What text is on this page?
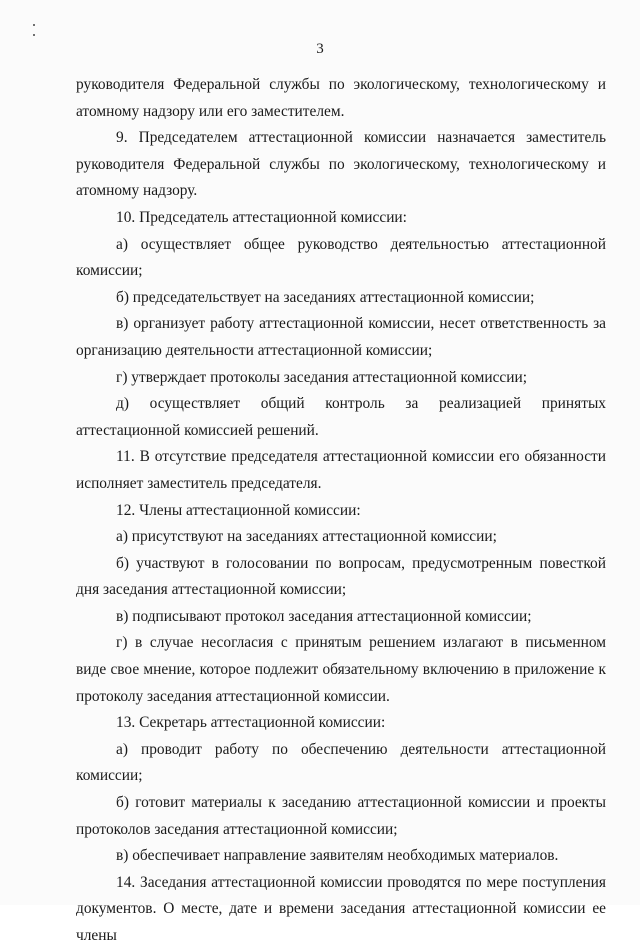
3

руководителя Федеральной службы по экологическому, технологическому и атомному надзору или его заместителем.

9. Председателем аттестационной комиссии назначается заместитель руководителя Федеральной службы по экологическому, технологическому и атомному надзору.

10. Председатель аттестационной комиссии:

а) осуществляет общее руководство деятельностью аттестационной комиссии;

б) председательствует на заседаниях аттестационной комиссии;

в) организует работу аттестационной комиссии, несет ответственность за организацию деятельности аттестационной комиссии;

г) утверждает протоколы заседания аттестационной комиссии;

д) осуществляет общий контроль за реализацией принятых аттестационной комиссией решений.

11. В отсутствие председателя аттестационной комиссии его обязанности исполняет заместитель председателя.

12. Члены аттестационной комиссии:

а) присутствуют на заседаниях аттестационной комиссии;

б) участвуют в голосовании по вопросам, предусмотренным повесткой дня заседания аттестационной комиссии;

в) подписывают протокол заседания аттестационной комиссии;

г) в случае несогласия с принятым решением излагают в письменном виде свое мнение, которое подлежит обязательному включению в приложение к протоколу заседания аттестационной комиссии.

13. Секретарь аттестационной комиссии:

а) проводит работу по обеспечению деятельности аттестационной комиссии;

б) готовит материалы к заседанию аттестационной комиссии и проекты протоколов заседания аттестационной комиссии;

в) обеспечивает направление заявителям необходимых материалов.

14. Заседания аттестационной комиссии проводятся по мере поступления документов. О месте, дате и времени заседания аттестационной комиссии ее члены
